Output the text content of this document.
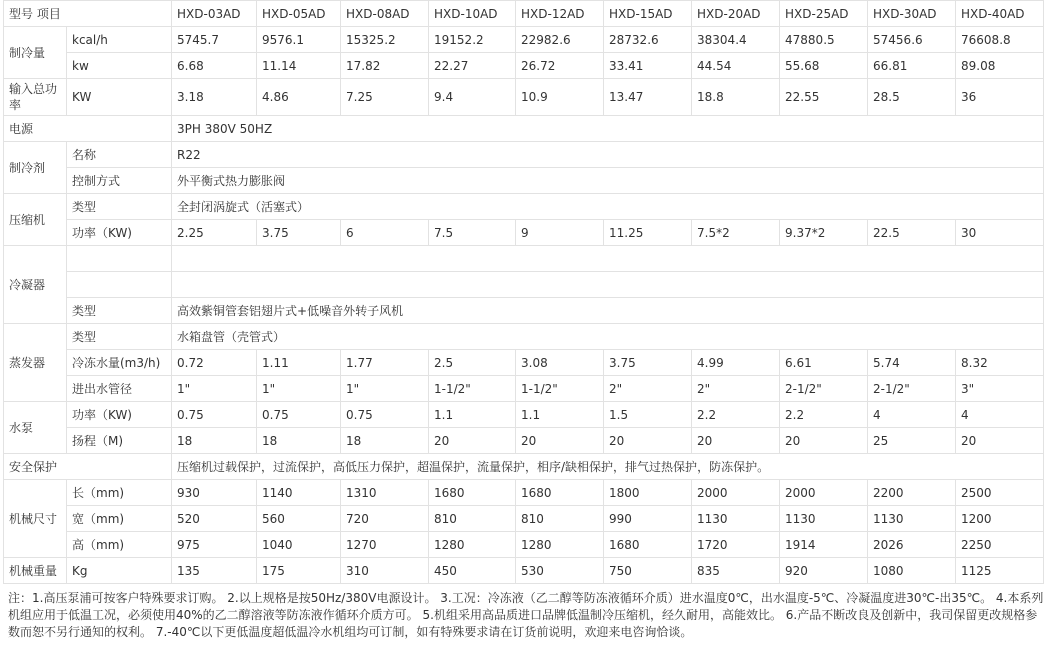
型号 项目		HXD-03AD	HXD-05AD	HXD-08AD	HXD-10AD	HXD-12AD	HXD-15AD	HXD-20AD	HXD-25AD	HXD-30AD	HXD-40AD
制冷量	kcal/h	5745.7	9576.1	15325.2	19152.2	22982.6	28732.6	38304.4	47880.5	57456.6	76608.8
	kw	6.68	11.14	17.82	22.27	26.72	33.41	44.54	55.68	66.81	89.08
输入总功率	KW	3.18	4.86	7.25	9.4	10.9	13.47	18.8	22.55	28.5	36
电源		3PH 380V 50HZ									
制冷剂	名称	R22									
	控制方式	外平衡式热力膨胀阀									
压缩机	类型	全封闭涡旋式（活塞式）									
	功率（KW)	2.25	3.75	6	7.5	9	11.25	7.5*2	9.37*2	22.5	30
冷凝器											

	类型	高效紫铜管套铝翅片式+低噪音外转子风机									
蒸发器	类型	水箱盘管（壳管式）									
	冷冻水量(m3/h)	0.72	1.11	1.77	2.5	3.08	3.75	4.99	6.61	5.74	8.32
	进出水管径	1"	1"	1"	1-1/2"	1-1/2"	2"	2"	2-1/2"	2-1/2"	3"
水泵	功率（KW)	0.75	0.75	0.75	1.1	1.1	1.5	2.2	2.2	4	4
	扬程（M)	18	18	18	20	20	20	20	20	25	20
安全保护		压缩机过载保护，过流保护，高低压力保护，超温保护，流量保护，相序/缺相保护，排气过热保护，防冻保护。									
机械尺寸	长（mm)	930	1140	1310	1680	1680	1800	2000	2000	2200	2500
	宽（mm)	520	560	720	810	810	990	1130	1130	1130	1200
	高（mm)	975	1040	1270	1280	1280	1680	1720	1914	2026	2250
机械重量	Kg	135	175	310	450	530	750	835	920	1080	1125
注：1.高压泵浦可按客户特殊要求订购。 2.以上规格是按50Hz/380V电源设计。 3.工况：冷冻液（乙二醇等防冻液循环介质）进水温度0℃，出水温度-5℃、冷凝温度进30℃-出35℃。 4.本系列机组应用于低温工况，必须使用40%的乙二醇溶液等防冻液作循环介质方可。 5.机组采用高品质进口品牌低温制冷压缩机，经久耐用，高能效比。 6.产品不断改良及创新中，我司保留更改规格参数而恕不另行通知的权利。 7.-40℃以下更低温度超低温冷水机组均可订制，如有特殊要求请在订货前说明，欢迎来电咨询恰谈。
